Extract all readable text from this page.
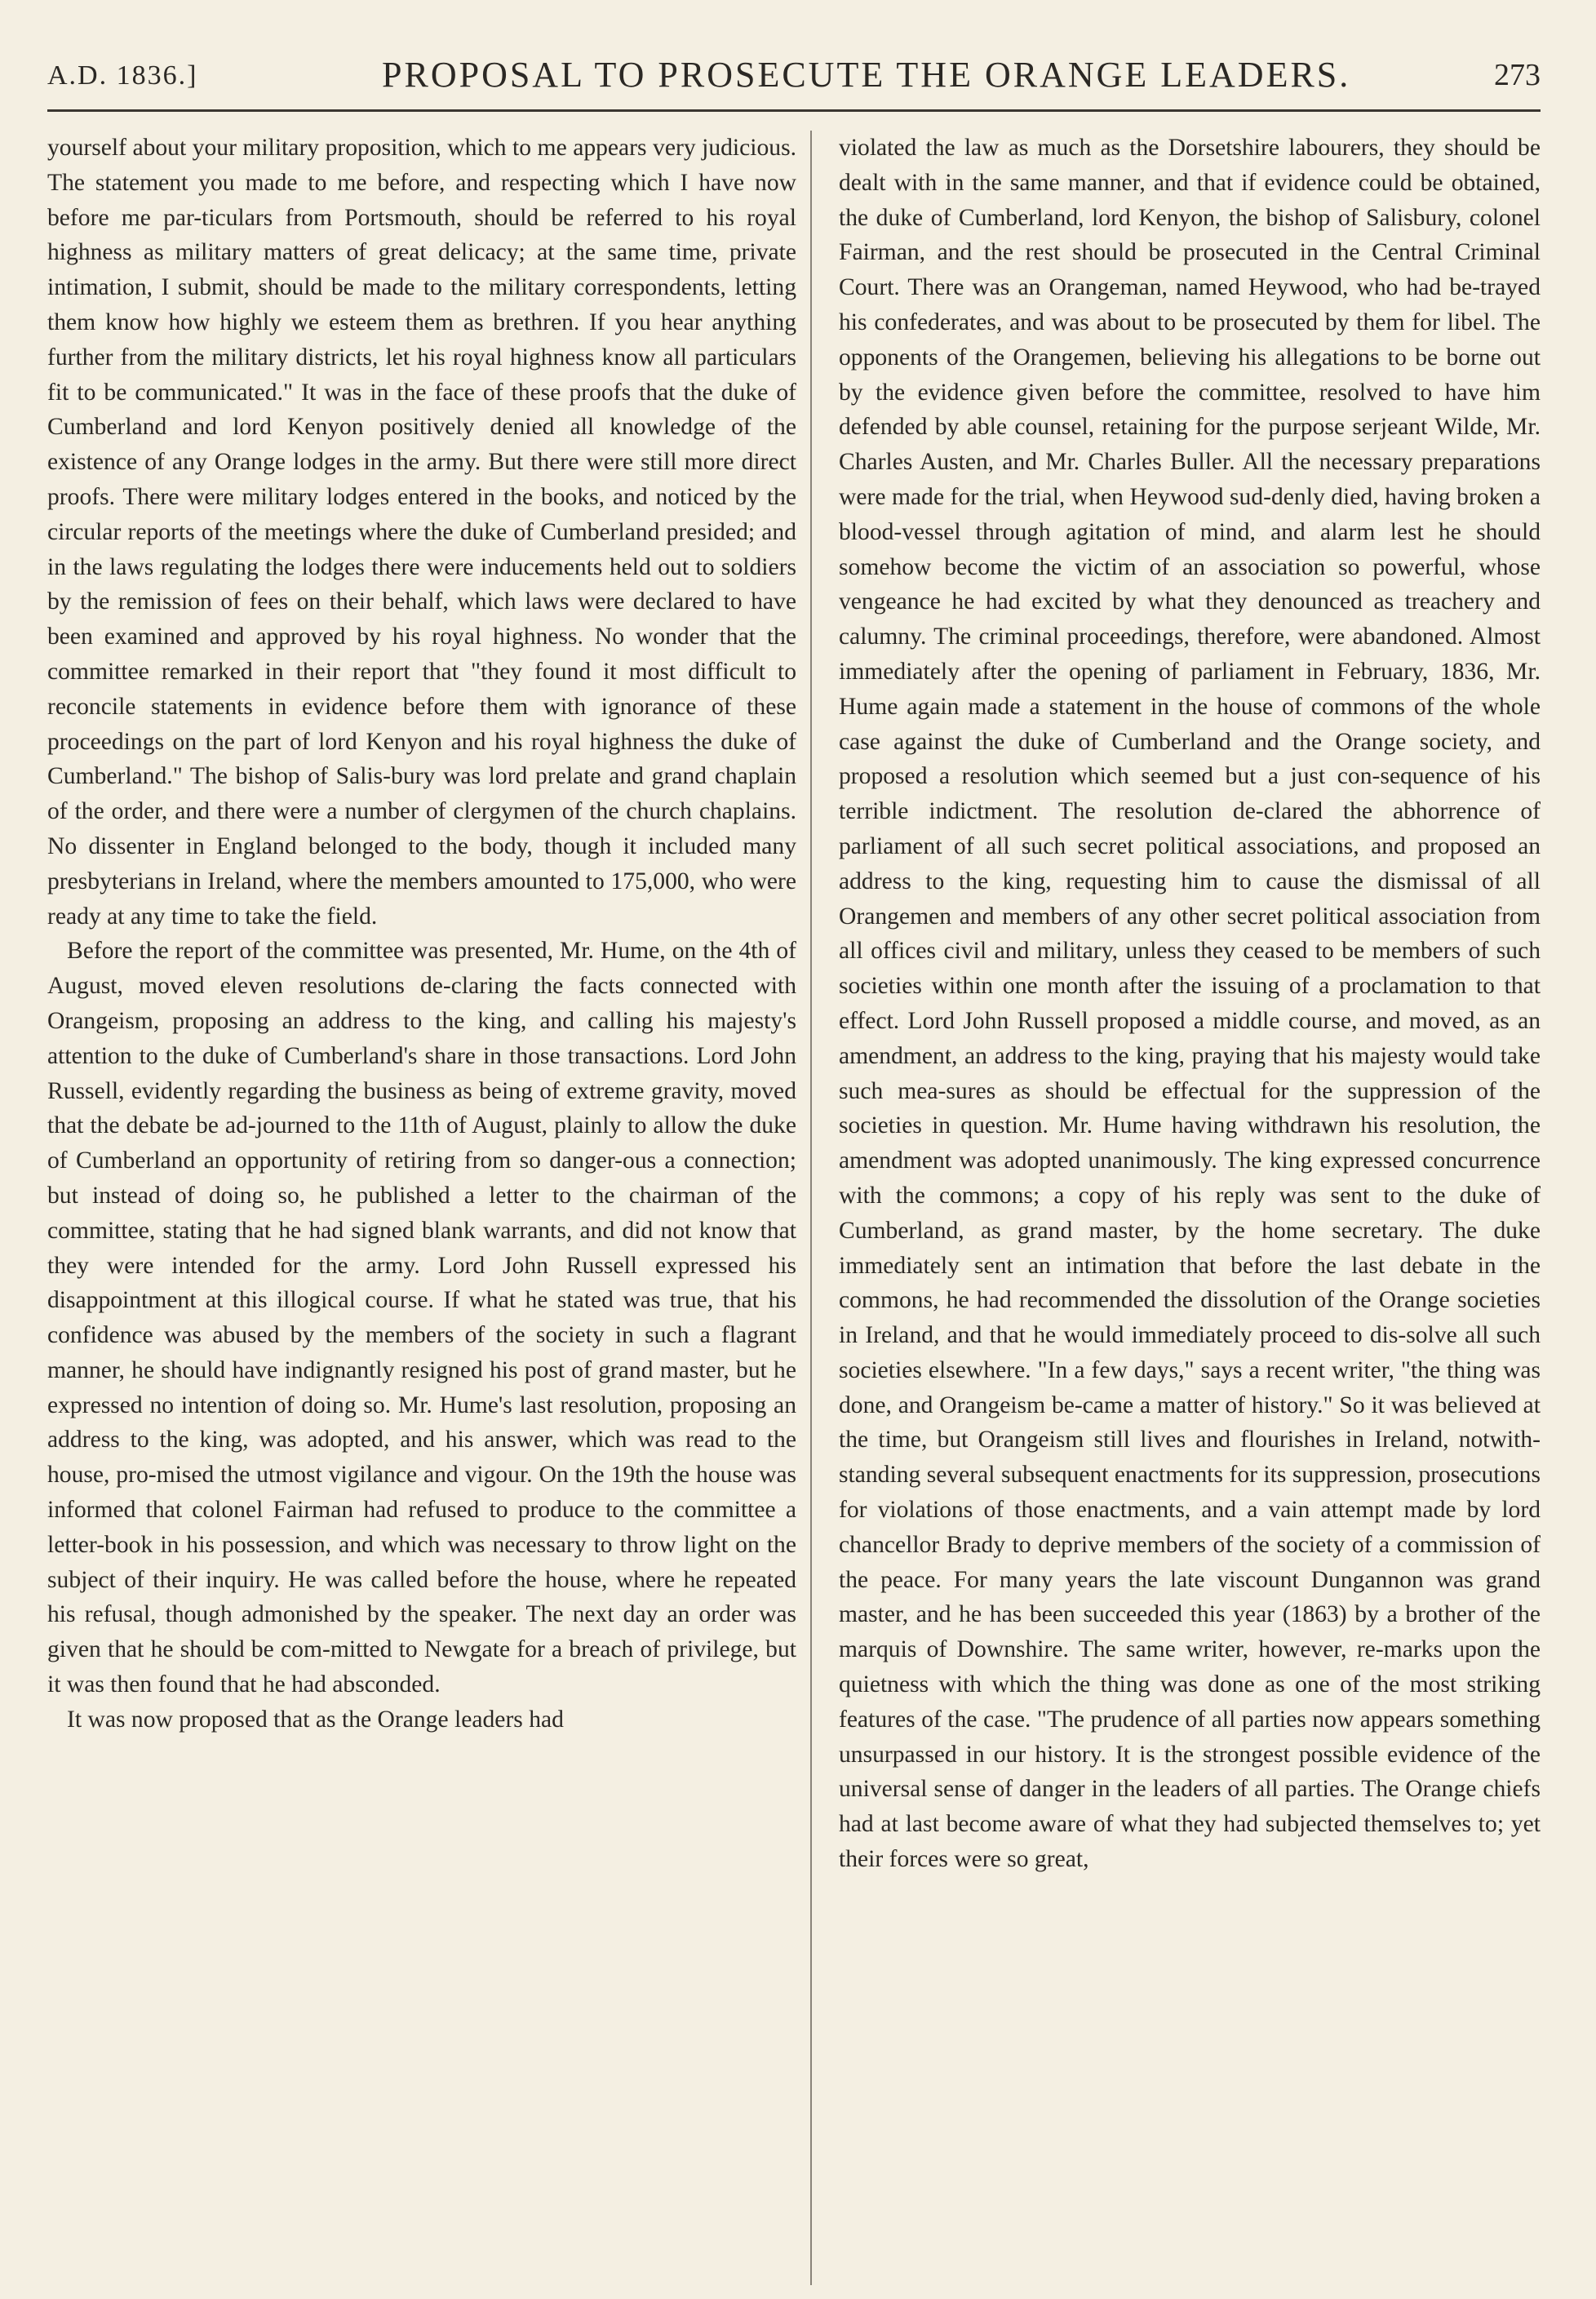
A.D. 1836.]	PROPOSAL TO PROSECUTE THE ORANGE LEADERS.	273

yourself about your military proposition, which to me appears very judicious. The statement you made to me before, and respecting which I have now before me par-ticulars from Portsmouth, should be referred to his royal highness as military matters of great delicacy; at the same time, private intimation, I submit, should be made to the military correspondents, letting them know how highly we esteem them as brethren. If you hear anything further from the military districts, let his royal highness know all particulars fit to be communicated." It was in the face of these proofs that the duke of Cumberland and lord Kenyon positively denied all knowledge of the existence of any Orange lodges in the army. But there were still more direct proofs. There were military lodges entered in the books, and noticed by the circular reports of the meetings where the duke of Cumberland presided; and in the laws regulating the lodges there were inducements held out to soldiers by the remission of fees on their behalf, which laws were declared to have been examined and approved by his royal highness. No wonder that the committee remarked in their report that "they found it most difficult to reconcile statements in evidence before them with ignorance of these proceedings on the part of lord Kenyon and his royal highness the duke of Cumberland." The bishop of Salis-bury was lord prelate and grand chaplain of the order, and there were a number of clergymen of the church chaplains. No dissenter in England belonged to the body, though it included many presbyterians in Ireland, where the members amounted to 175,000, who were ready at any time to take the field.

Before the report of the committee was presented, Mr. Hume, on the 4th of August, moved eleven resolutions de-claring the facts connected with Orangeism, proposing an address to the king, and calling his majesty's attention to the duke of Cumberland's share in those transactions. Lord John Russell, evidently regarding the business as being of extreme gravity, moved that the debate be ad-journed to the 11th of August, plainly to allow the duke of Cumberland an opportunity of retiring from so danger-ous a connection; but instead of doing so, he published a letter to the chairman of the committee, stating that he had signed blank warrants, and did not know that they were intended for the army. Lord John Russell expressed his disappointment at this illogical course. If what he stated was true, that his confidence was abused by the members of the society in such a flagrant manner, he should have indignantly resigned his post of grand master, but he expressed no intention of doing so. Mr. Hume's last resolution, proposing an address to the king, was adopted, and his answer, which was read to the house, pro-mised the utmost vigilance and vigour. On the 19th the house was informed that colonel Fairman had refused to produce to the committee a letter-book in his possession, and which was necessary to throw light on the subject of their inquiry. He was called before the house, where he repeated his refusal, though admonished by the speaker. The next day an order was given that he should be com-mitted to Newgate for a breach of privilege, but it was then found that he had absconded.

It was now proposed that as the Orange leaders had

violated the law as much as the Dorsetshire labourers, they should be dealt with in the same manner, and that if evidence could be obtained, the duke of Cumberland, lord Kenyon, the bishop of Salisbury, colonel Fairman, and the rest should be prosecuted in the Central Criminal Court. There was an Orangeman, named Heywood, who had be-trayed his confederates, and was about to be prosecuted by them for libel. The opponents of the Orangemen, believing his allegations to be borne out by the evidence given before the committee, resolved to have him defended by able counsel, retaining for the purpose serjeant Wilde, Mr. Charles Austen, and Mr. Charles Buller. All the necessary preparations were made for the trial, when Heywood sud-denly died, having broken a blood-vessel through agitation of mind, and alarm lest he should somehow become the victim of an association so powerful, whose vengeance he had excited by what they denounced as treachery and calumny. The criminal proceedings, therefore, were abandoned. Almost immediately after the opening of parliament in February, 1836, Mr. Hume again made a statement in the house of commons of the whole case against the duke of Cumberland and the Orange society, and proposed a resolution which seemed but a just con-sequence of his terrible indictment. The resolution de-clared the abhorrence of parliament of all such secret political associations, and proposed an address to the king, requesting him to cause the dismissal of all Orangemen and members of any other secret political association from all offices civil and military, unless they ceased to be members of such societies within one month after the issuing of a proclamation to that effect. Lord John Russell proposed a middle course, and moved, as an amendment, an address to the king, praying that his majesty would take such mea-sures as should be effectual for the suppression of the societies in question. Mr. Hume having withdrawn his resolution, the amendment was adopted unanimously. The king expressed concurrence with the commons; a copy of his reply was sent to the duke of Cumberland, as grand master, by the home secretary. The duke immediately sent an intimation that before the last debate in the commons, he had recommended the dissolution of the Orange societies in Ireland, and that he would immediately proceed to dis-solve all such societies elsewhere. "In a few days," says a recent writer, "the thing was done, and Orangeism be-came a matter of history." So it was believed at the time, but Orangeism still lives and flourishes in Ireland, notwith-standing several subsequent enactments for its suppression, prosecutions for violations of those enactments, and a vain attempt made by lord chancellor Brady to deprive members of the society of a commission of the peace. For many years the late viscount Dungannon was grand master, and he has been succeeded this year (1863) by a brother of the marquis of Downshire. The same writer, however, re-marks upon the quietness with which the thing was done as one of the most striking features of the case. "The prudence of all parties now appears something unsurpassed in our history. It is the strongest possible evidence of the universal sense of danger in the leaders of all parties. The Orange chiefs had at last become aware of what they had subjected themselves to; yet their forces were so great,
